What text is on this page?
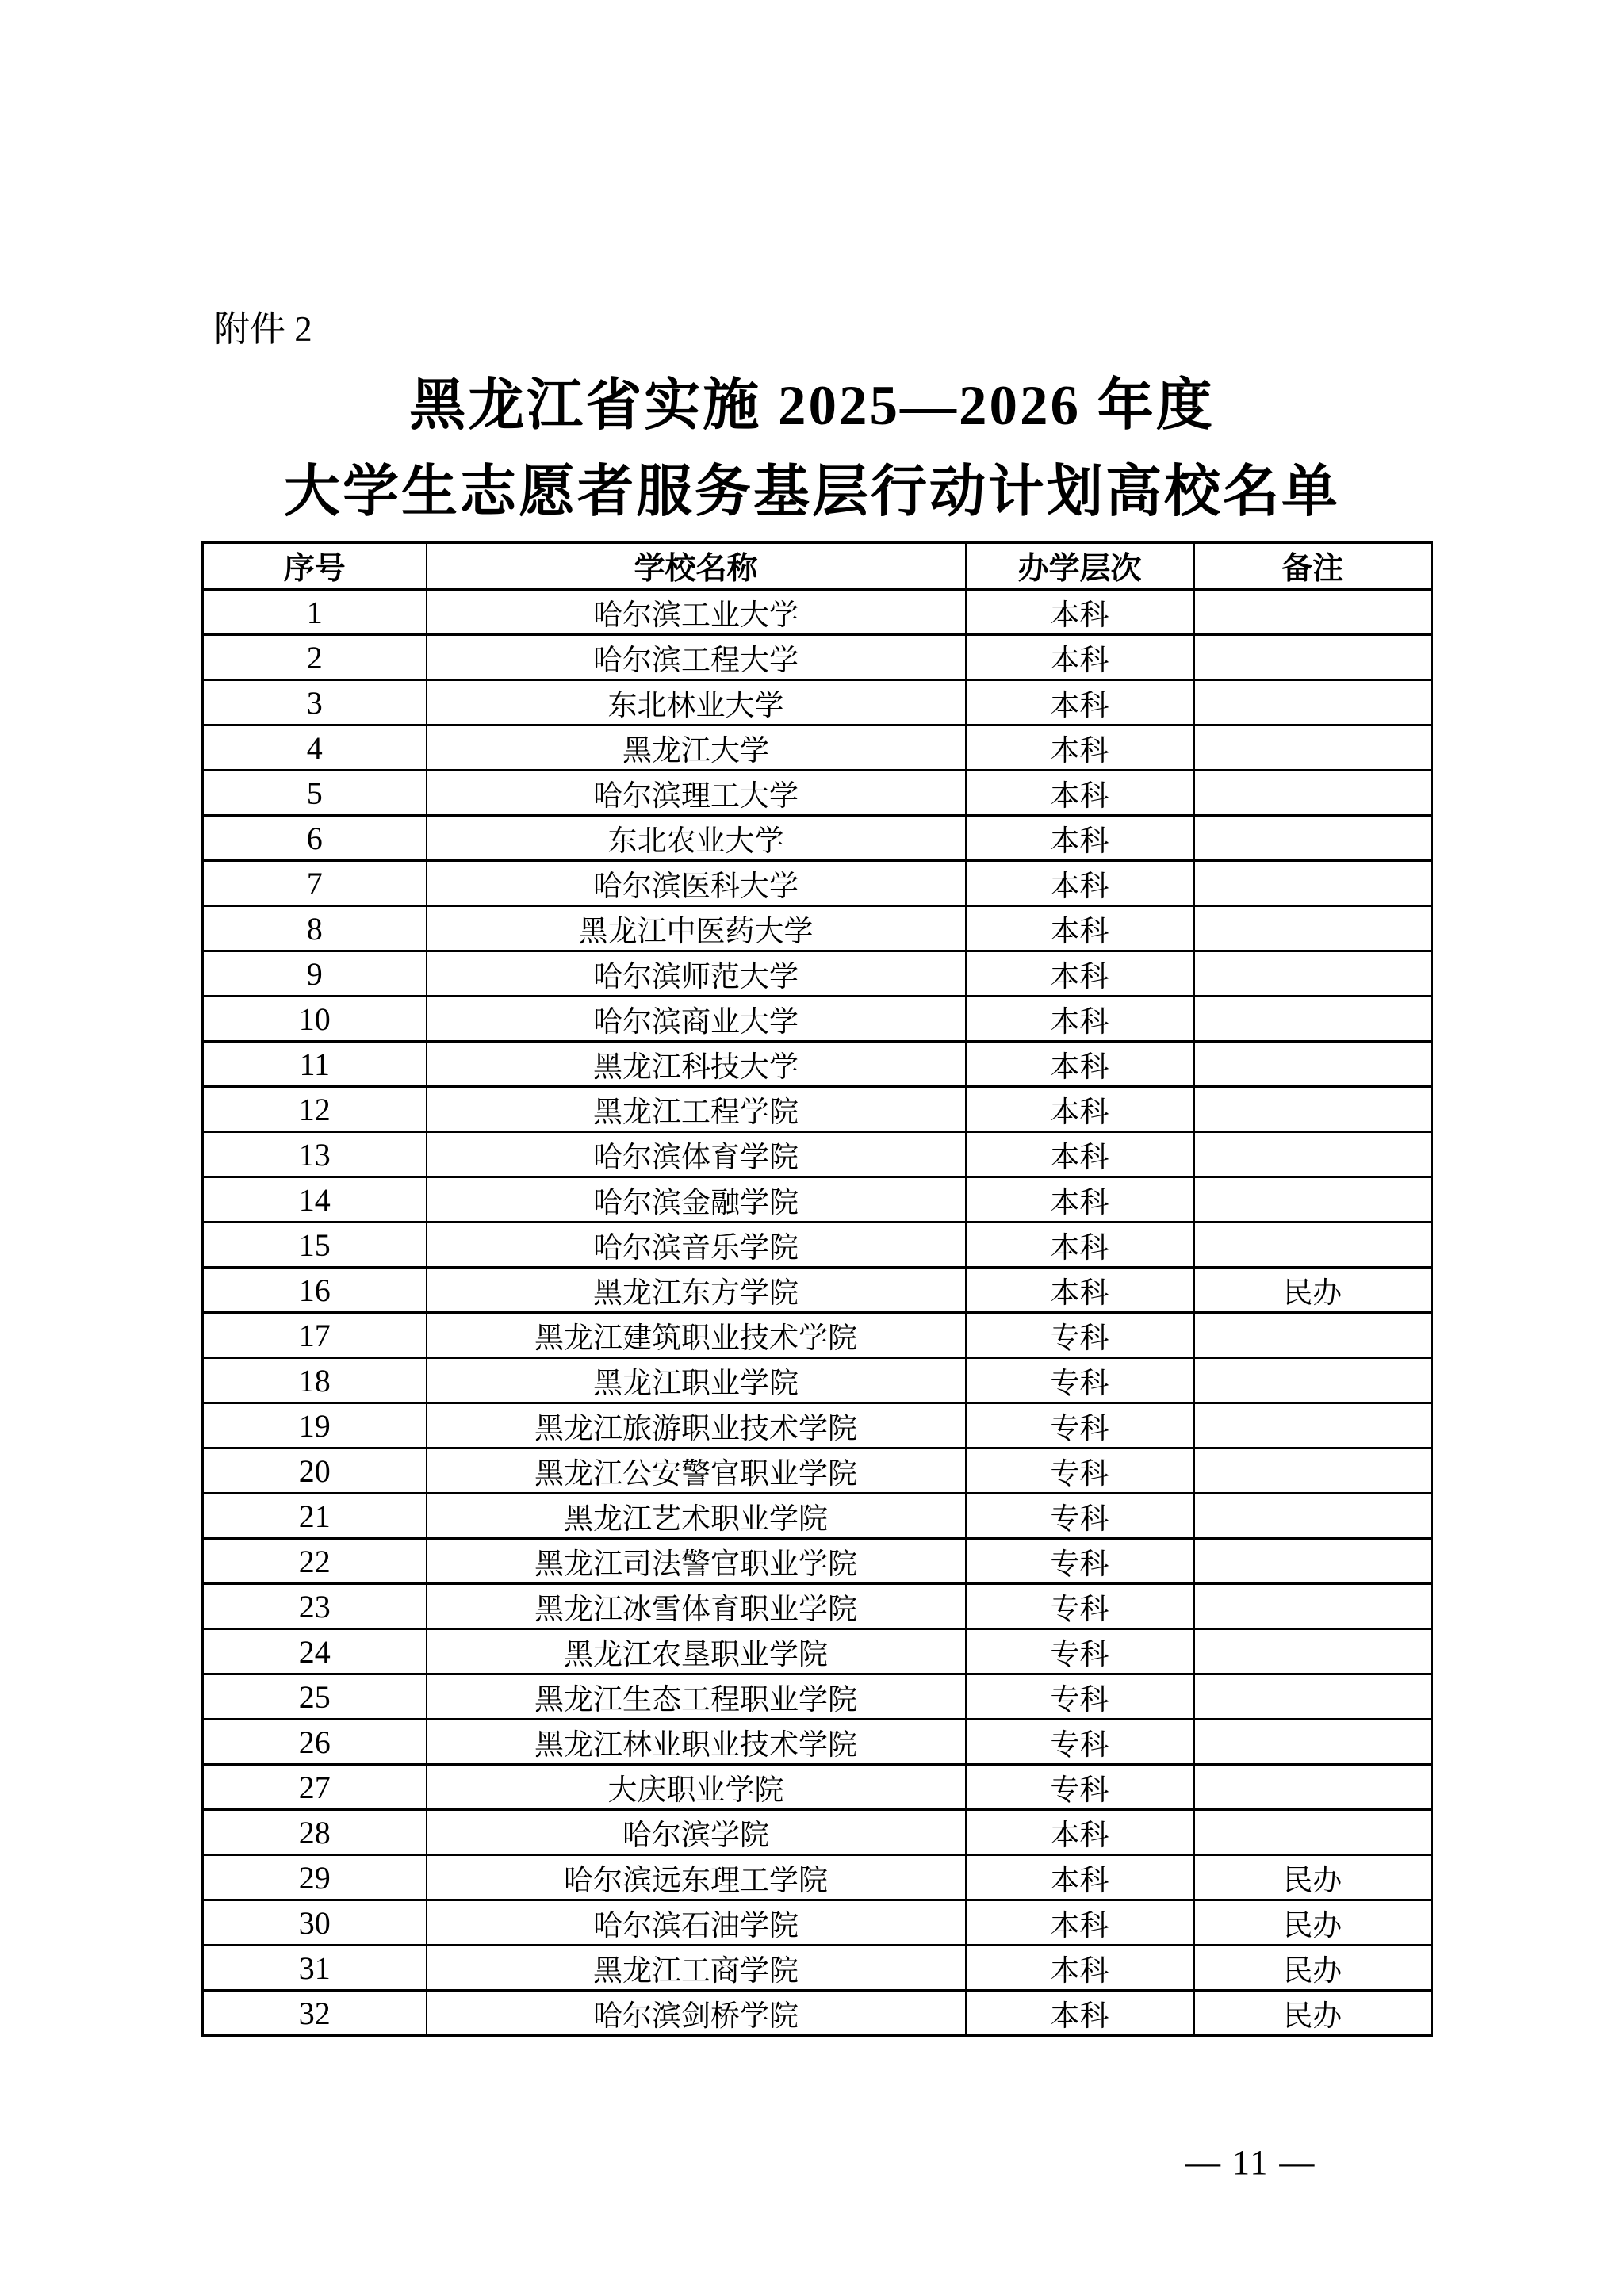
附件 2
黑龙江省实施 2025—2026 年度
大学生志愿者服务基层行动计划高校名单
序号	学校名称	办学层次	备注
1	哈尔滨工业大学	本科	
2	哈尔滨工程大学	本科	
3	东北林业大学	本科	
4	黑龙江大学	本科	
5	哈尔滨理工大学	本科	
6	东北农业大学	本科	
7	哈尔滨医科大学	本科	
8	黑龙江中医药大学	本科	
9	哈尔滨师范大学	本科	
10	哈尔滨商业大学	本科	
11	黑龙江科技大学	本科	
12	黑龙江工程学院	本科	
13	哈尔滨体育学院	本科	
14	哈尔滨金融学院	本科	
15	哈尔滨音乐学院	本科	
16	黑龙江东方学院	本科	民办
17	黑龙江建筑职业技术学院	专科	
18	黑龙江职业学院	专科	
19	黑龙江旅游职业技术学院	专科	
20	黑龙江公安警官职业学院	专科	
21	黑龙江艺术职业学院	专科	
22	黑龙江司法警官职业学院	专科	
23	黑龙江冰雪体育职业学院	专科	
24	黑龙江农垦职业学院	专科	
25	黑龙江生态工程职业学院	专科	
26	黑龙江林业职业技术学院	专科	
27	大庆职业学院	专科	
28	哈尔滨学院	本科	
29	哈尔滨远东理工学院	本科	民办
30	哈尔滨石油学院	本科	民办
31	黑龙江工商学院	本科	民办
32	哈尔滨剑桥学院	本科	民办
— 11 —
